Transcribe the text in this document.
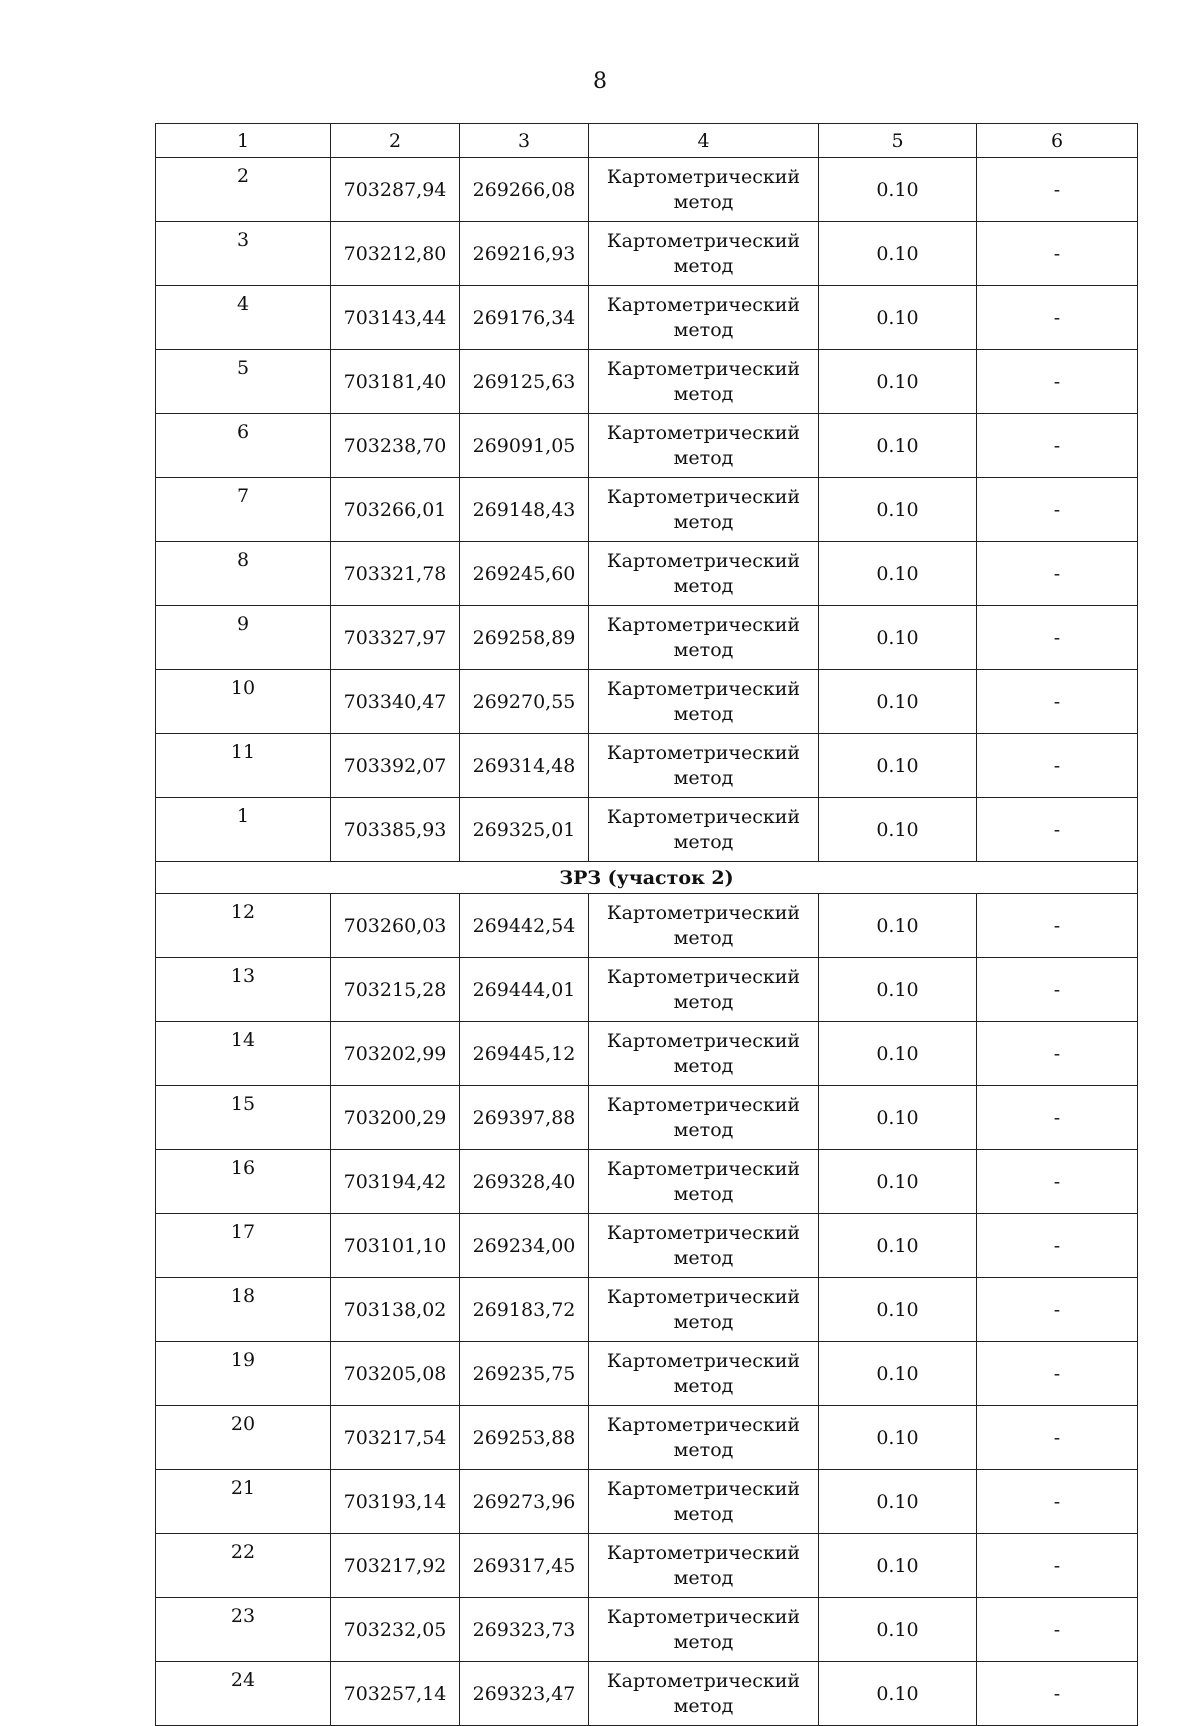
8
1	2	3	4	5	6
2	703287,94	269266,08	Картометрический метод	0.10	-
3	703212,80	269216,93	Картометрический метод	0.10	-
4	703143,44	269176,34	Картометрический метод	0.10	-
5	703181,40	269125,63	Картометрический метод	0.10	-
6	703238,70	269091,05	Картометрический метод	0.10	-
7	703266,01	269148,43	Картометрический метод	0.10	-
8	703321,78	269245,60	Картометрический метод	0.10	-
9	703327,97	269258,89	Картометрический метод	0.10	-
10	703340,47	269270,55	Картометрический метод	0.10	-
11	703392,07	269314,48	Картометрический метод	0.10	-
1	703385,93	269325,01	Картометрический метод	0.10	-
ЗРЗ (участок 2)					
12	703260,03	269442,54	Картометрический метод	0.10	-
13	703215,28	269444,01	Картометрический метод	0.10	-
14	703202,99	269445,12	Картометрический метод	0.10	-
15	703200,29	269397,88	Картометрический метод	0.10	-
16	703194,42	269328,40	Картометрический метод	0.10	-
17	703101,10	269234,00	Картометрический метод	0.10	-
18	703138,02	269183,72	Картометрический метод	0.10	-
19	703205,08	269235,75	Картометрический метод	0.10	-
20	703217,54	269253,88	Картометрический метод	0.10	-
21	703193,14	269273,96	Картометрический метод	0.10	-
22	703217,92	269317,45	Картометрический метод	0.10	-
23	703232,05	269323,73	Картометрический метод	0.10	-
24	703257,14	269323,47	Картометрический метод	0.10	-
